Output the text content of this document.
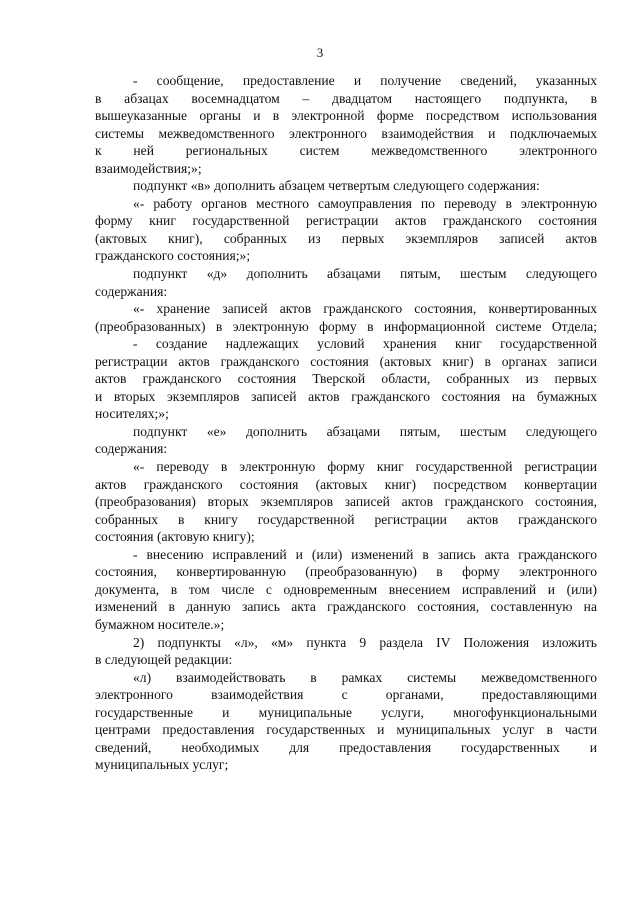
3
- сообщение, предоставление и получение сведений, указанных
в абзацах восемнадцатом – двадцатом настоящего подпункта, в
вышеуказанные органы и в электронной форме посредством использования
системы межведомственного электронного взаимодействия и подключаемых
к ней региональных систем межведомственного электронного
взаимодействия;»;
подпункт «в» дополнить абзацем четвертым следующего содержания:
«- работу органов местного самоуправления по переводу в электронную
форму книг государственной регистрации актов гражданского состояния
(актовых книг), собранных из первых экземпляров записей актов
гражданского состояния;»;
подпункт «д» дополнить абзацами пятым, шестым следующего
содержания:
«- хранение записей актов гражданского состояния, конвертированных
(преобразованных) в электронную форму в информационной системе Отдела;
- создание надлежащих условий хранения книг государственной
регистрации актов гражданского состояния (актовых книг) в органах записи
актов гражданского состояния Тверской области, собранных из первых
и вторых экземпляров записей актов гражданского состояния на бумажных
носителях;»;
подпункт «е» дополнить абзацами пятым, шестым следующего
содержания:
«- переводу в электронную форму книг государственной регистрации
актов гражданского состояния (актовых книг) посредством конвертации
(преобразования) вторых экземпляров записей актов гражданского состояния,
собранных в книгу государственной регистрации актов гражданского
состояния (актовую книгу);
- внесению исправлений и (или) изменений в запись акта гражданского
состояния, конвертированную (преобразованную) в форму электронного
документа, в том числе с одновременным внесением исправлений и (или)
изменений в данную запись акта гражданского состояния, составленную на
бумажном носителе.»;
2) подпункты «л», «м» пункта 9 раздела IV Положения изложить
в следующей редакции:
«л) взаимодействовать в рамках системы межведомственного
электронного взаимодействия с органами, предоставляющими
государственные и муниципальные услуги, многофункциональными
центрами предоставления государственных и муниципальных услуг в части
сведений, необходимых для предоставления государственных и
муниципальных услуг;
